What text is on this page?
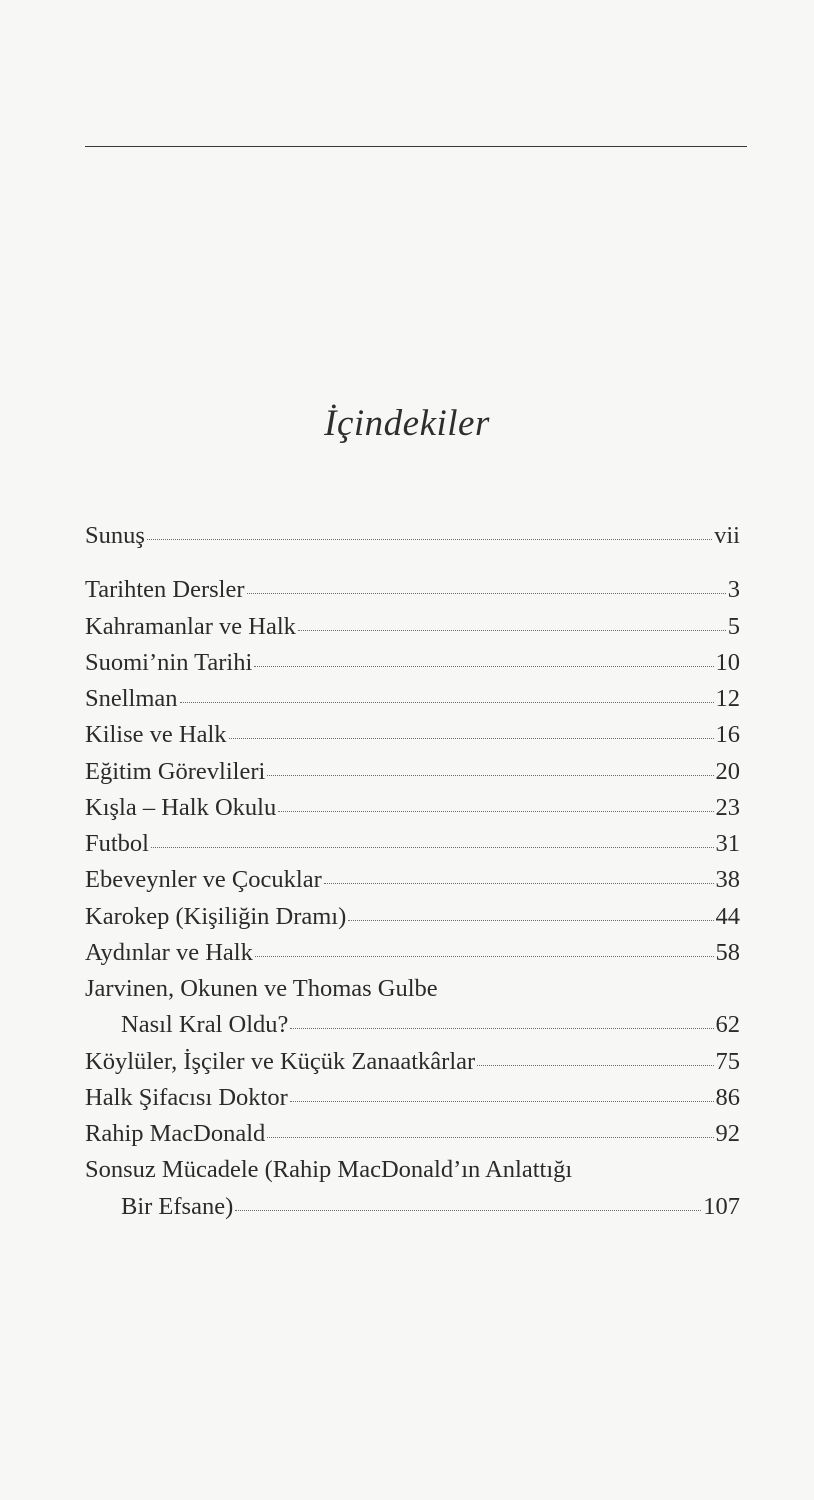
İçindekiler
Sunuş	vii
Tarihten Dersler	3
Kahramanlar ve Halk	5
Suomi’nin Tarihi	10
Snellman	12
Kilise ve Halk	16
Eğitim Görevlileri	20
Kışla – Halk Okulu	23
Futbol	31
Ebeveynler ve Çocuklar	38
Karokep (Kişiliğin Dramı)	44
Aydınlar ve Halk	58
Jarvinen, Okunen ve Thomas Gulbe
Nasıl Kral Oldu?	62
Köylüler, İşçiler ve Küçük Zanaatkârlar	75
Halk Şifacısı Doktor	86
Rahip MacDonald	92
Sonsuz Mücadele (Rahip MacDonald’ın Anlattığı
Bir Efsane)	107
